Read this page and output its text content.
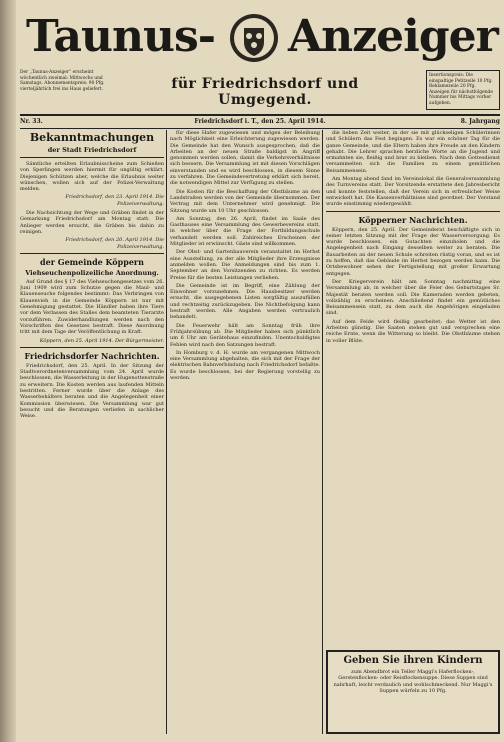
Taunus- Anzeiger
Der „Taunus-Anzeiger“ erscheint wöchentlich zweimal: Mittwochs und Samstags. Abonnementspreis: 90 Pfg. vierteljährlich frei ins Haus geliefert.	für Friedrichsdorf und Umgegend.
Insertionspreis: Die einspaltige Petitzeile 10 Pfg. Reklamezeile 20 Pfg. Anzeigen für nächstfolgende Nummer bis Mittags vorher aufgeben.
Nr. 33.	Friedrichsdorf i. T., den 25. April 1914.	8. Jahrgang
Bekanntmachungen
der Stadt Friedrichsdorf

Sämtliche erteilten Erlaubnisscheine zum Schießen von Sperlingen werden hiermit für ungültig erklärt. Diejenigen Schützen aber, welche die Erlaubnis weiter wünschen, wollen sich auf der Polizei-Verwaltung melden.

Friedrichsdorf, den 23. April 1914. Die Polizeiverwaltung.

Die Nachsichtung der Wege und Gräben findet in der Gemarkung Friedrichsdorf am Montag statt. Die Anlieger werden ersucht, die Gräben bis dahin zu reinigen.

Friedrichsdorf, den 20. April 1914. Die Polizeiverwaltung.

der Gemeinde Köppern
Viehseuchenpolizeiliche Anordnung.

Auf Grund des § 17 des Viehseuchengesetzes vom 26. Juni 1909 wird zum Schutze gegen die Maul- und Klauenseuche folgendes bestimmt: Das Verbringen von Klauenvieh in die Gemeinde Köppern ist nur mit Genehmigung gestattet. Die Händler haben ihre Tiere vor dem Verlassen des Stalles dem beamteten Tierarzte vorzuführen. Zuwiderhandlungen werden nach den Vorschriften des Gesetzes bestraft. Diese Anordnung tritt mit dem Tage der Veröffentlichung in Kraft.

Köppern, den 25. April 1914. Der Bürgermeister.

Friedrichsdorfer Nachrichten.

Friedrichsdorf, den 25. April. In der Sitzung der Stadtverordnetenversammlung vom 24. April wurde beschlossen, die Wasserleitung in der Hugenottenstraße zu erweitern. Die Kosten werden aus laufenden Mitteln bestritten. Ferner wurde über die Anlage des Wasserbehälters beraten und die Angelegenheit einer Kommission überwiesen. Die Versammlung war gut besucht und die Beratungen verliefen in sachlicher Weise.

für diese Hafer zugewiesen und mögen der Beleihung nach Möglichkeit eine Erleichterung zugewiesen werden. Die Gemeinde hat den Wunsch ausgesprochen, daß die Arbeiten an der neuen Straße baldigst in Angriff genommen werden sollen, damit die Verkehrsverhältnisse sich bessern. Die Versammlung ist mit diesen Vorschlägen einverstanden und es wird beschlossen, in diesem Sinne zu verfahren. Die Gemeindevertretung erklärt sich bereit, die notwendigen Mittel zur Verfügung zu stellen.

Die Kosten für die Beschaffung der Obstbäume an den Landstraßen werden von der Gemeinde übernommen. Der Vertrag mit dem Unternehmer wird genehmigt. Die Sitzung wurde um 10 Uhr geschlossen.

Am Sonntag, den 26. April, findet im Saale des Gasthauses eine Versammlung des Gewerbevereins statt, in welcher über die Frage der Fortbildungsschule verhandelt werden soll. Zahlreiches Erscheinen der Mitglieder ist erwünscht. Gäste sind willkommen.

Der Obst- und Gartenbauverein veranstaltet im Herbst eine Ausstellung, zu der alle Mitglieder ihre Erzeugnisse anmelden wollen. Die Anmeldungen sind bis zum 1. September an den Vorsitzenden zu richten. Es werden Preise für die besten Leistungen verliehen.

Die Gemeinde ist im Begriff, eine Zählung der Einwohner vorzunehmen. Die Hausbesitzer werden ersucht, die ausgegebenen Listen sorgfältig auszufüllen und rechtzeitig zurückzugeben. Die Nichtbefolgung kann bestraft werden. Alle Angaben werden vertraulich behandelt.

Die Feuerwehr hält am Sonntag früh ihre Frühjahrsübung ab. Die Mitglieder haben sich pünktlich um 6 Uhr am Gerätehaus einzufinden. Unentschuldigtes Fehlen wird nach den Satzungen bestraft.

In Homburg v. d. H. wurde am vergangenen Mittwoch eine Versammlung abgehalten, die sich mit der Frage der elektrischen Bahnverbindung nach Friedrichsdorf befaßte. Es wurde beschlossen, bei der Regierung vorstellig zu werden.

die lieben Zeit weiter, in der sie mit glückseligen Schülerinnen und Schülern das Fest begingen. Es war ein schöner Tag für die ganze Gemeinde, und die Eltern haben ihre Freude an den Kindern gehabt. Die Lehrer sprachen herzliche Worte an die Jugend und ermahnten sie, fleißig und brav zu bleiben. Nach dem Gottesdienst versammelten sich die Familien zu einem gemütlichen Beisammensein.

Am Montag abend fand im Vereinslokal die Generalversammlung des Turnvereins statt. Der Vorsitzende erstattete den Jahresbericht und konnte feststellen, daß der Verein sich in erfreulicher Weise entwickelt hat. Die Kassenverhältnisse sind geordnet. Der Vorstand wurde einstimmig wiedergewählt.

Köpperner Nachrichten.

Köppern, den 25. April. Der Gemeinderat beschäftigte sich in seiner letzten Sitzung mit der Frage der Wasserversorgung. Es wurde beschlossen, ein Gutachten einzuholen und die Angelegenheit nach Eingang desselben weiter zu beraten. Die Bauarbeiten an der neuen Schule schreiten rüstig voran, und es ist zu hoffen, daß das Gebäude im Herbst bezogen werden kann. Die Ortsbewohner sehen der Fertigstellung mit großer Erwartung entgegen.

Der Kriegerverein hält am Sonntag nachmittag eine Versammlung ab, in welcher über die Feier des Geburtstages Sr. Majestät beraten werden soll. Die Kameraden werden gebeten, vollzählig zu erscheinen. Anschließend findet ein gemütliches Beisammensein statt, zu dem auch die Angehörigen eingeladen sind.

Auf dem Felde wird fleißig gearbeitet; das Wetter ist den Arbeiten günstig. Die Saaten stehen gut und versprechen eine reiche Ernte, wenn die Witterung so bleibt. Die Obstbäume stehen in voller Blüte.

Geben Sie ihren Kindern
zum Abendbrot ein Teller Maggi's Haferflocken-, Gerstenflocken- oder Reisflockensuppe. Diese Suppen sind nahrhaft, leicht verdaulich und wohlschmeckend. Nur Maggi's Suppen würfeln zu 10 Pfg.
